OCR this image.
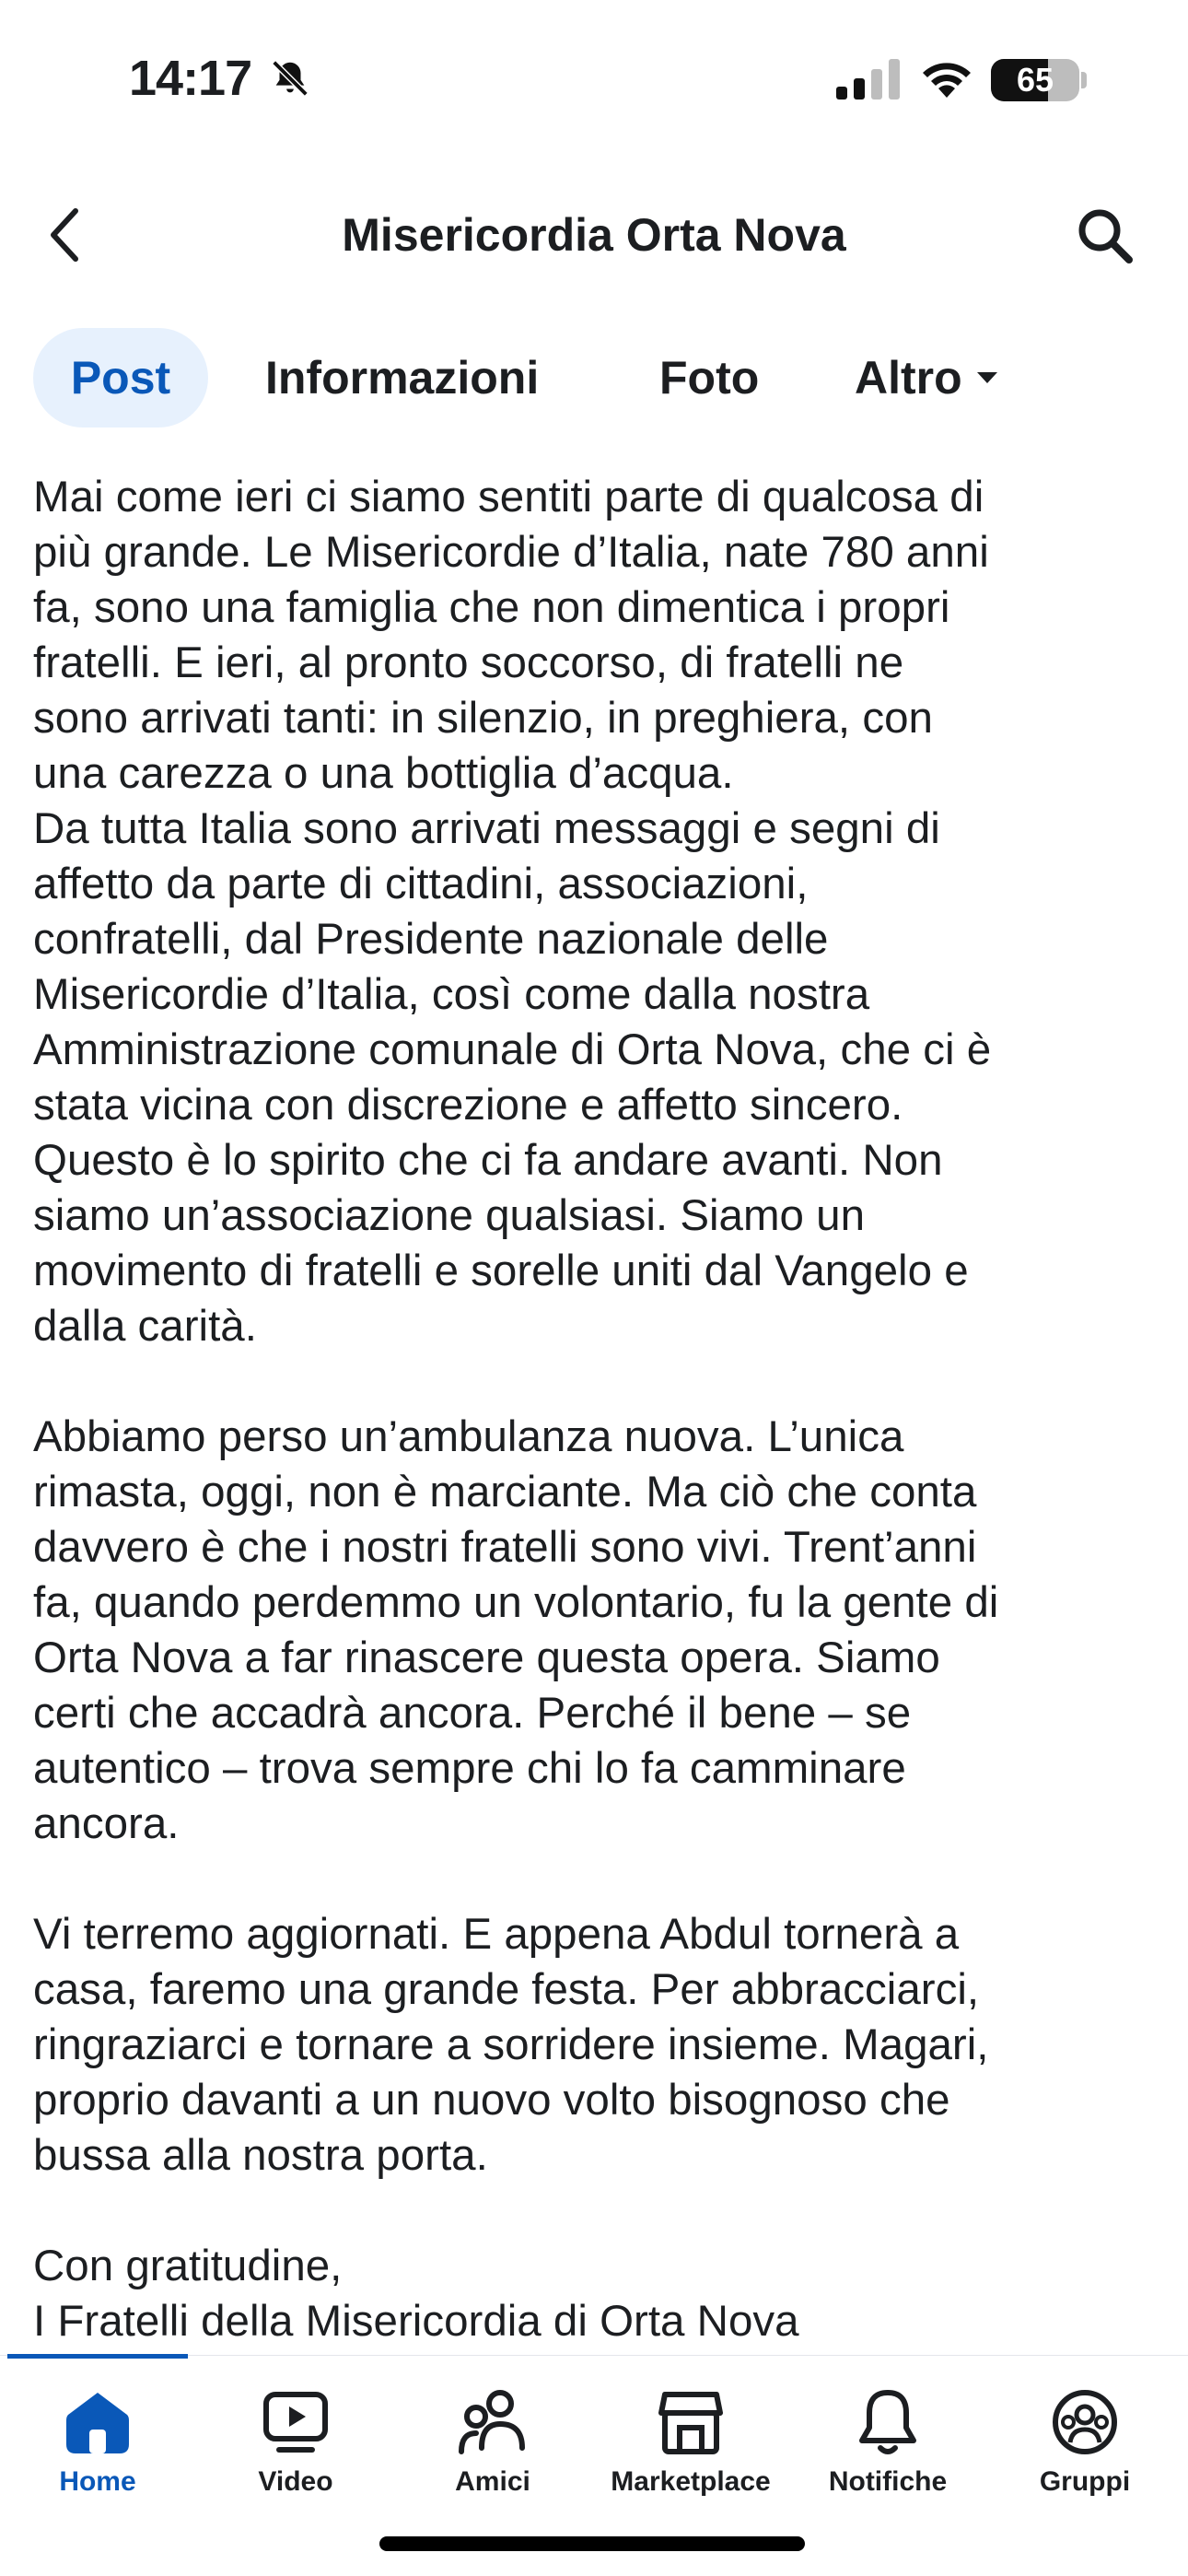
14:17	65
Misericordia Orta Nova
Post	Informazioni	Foto Altro
Mai come ieri ci siamo sentiti parte di qualcosa di
più grande. Le Misericordie d’Italia, nate 780 anni
fa, sono una famiglia che non dimentica i propri
fratelli. E ieri, al pronto soccorso, di fratelli ne
sono arrivati tanti: in silenzio, in preghiera, con
una carezza o una bottiglia d’acqua.
Da tutta Italia sono arrivati messaggi e segni di
affetto da parte di cittadini, associazioni,
confratelli, dal Presidente nazionale delle
Misericordie d’Italia, così come dalla nostra
Amministrazione comunale di Orta Nova, che ci è
stata vicina con discrezione e affetto sincero.
Questo è lo spirito che ci fa andare avanti. Non
siamo un’associazione qualsiasi. Siamo un
movimento di fratelli e sorelle uniti dal Vangelo e
dalla carità.
Abbiamo perso un’ambulanza nuova. L’unica
rimasta, oggi, non è marciante. Ma ciò che conta
davvero è che i nostri fratelli sono vivi. Trent’anni
fa, quando perdemmo un volontario, fu la gente di
Orta Nova a far rinascere questa opera. Siamo
certi che accadrà ancora. Perché il bene – se
autentico – trova sempre chi lo fa camminare
ancora.
Vi terremo aggiornati. E appena Abdul tornerà a
casa, faremo una grande festa. Per abbracciarci,
ringraziarci e tornare a sorridere insieme. Magari,
proprio davanti a un nuovo volto bisognoso che
bussa alla nostra porta.
Con gratitudine,
I Fratelli della Misericordia di Orta Nova
Home	Video	Amici	Marketplace	Notifiche	Gruppi
